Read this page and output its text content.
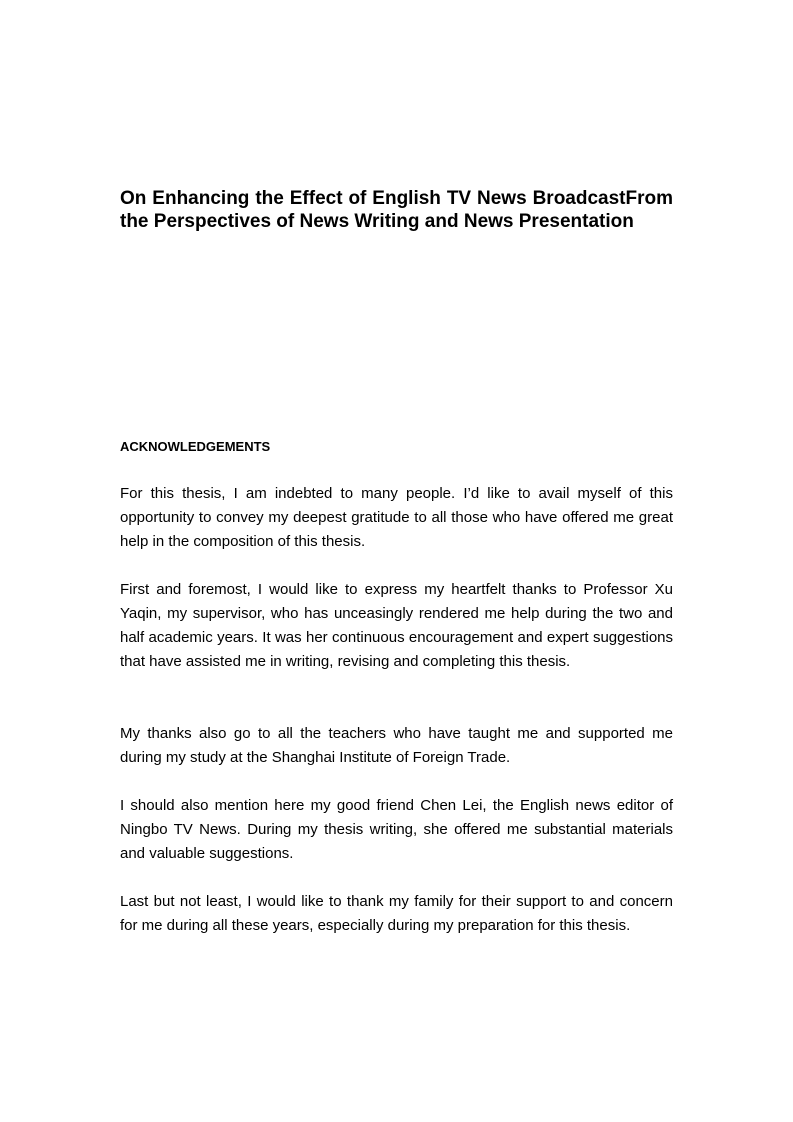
On Enhancing the Effect of English TV News BroadcastFrom the Perspectives of News Writing and News Presentation
ACKNOWLEDGEMENTS

For this thesis, I am indebted to many people. I’d like to avail myself of this opportunity to convey my deepest gratitude to all those who have offered me great help in the composition of this thesis.

First and foremost, I would like to express my heartfelt thanks to Professor Xu Yaqin, my supervisor, who has unceasingly rendered me help during the two and half academic years. It was her continuous encouragement and expert suggestions that have assisted me in writing, revising and completing this thesis.

My thanks also go to all the teachers who have taught me and supported me during my study at the Shanghai Institute of Foreign Trade.

I should also mention here my good friend Chen Lei, the English news editor of Ningbo TV News. During my thesis writing, she offered me substantial materials and valuable suggestions.

Last but not least, I would like to thank my family for their support to and concern for me during all these years, especially during my preparation for this thesis.
